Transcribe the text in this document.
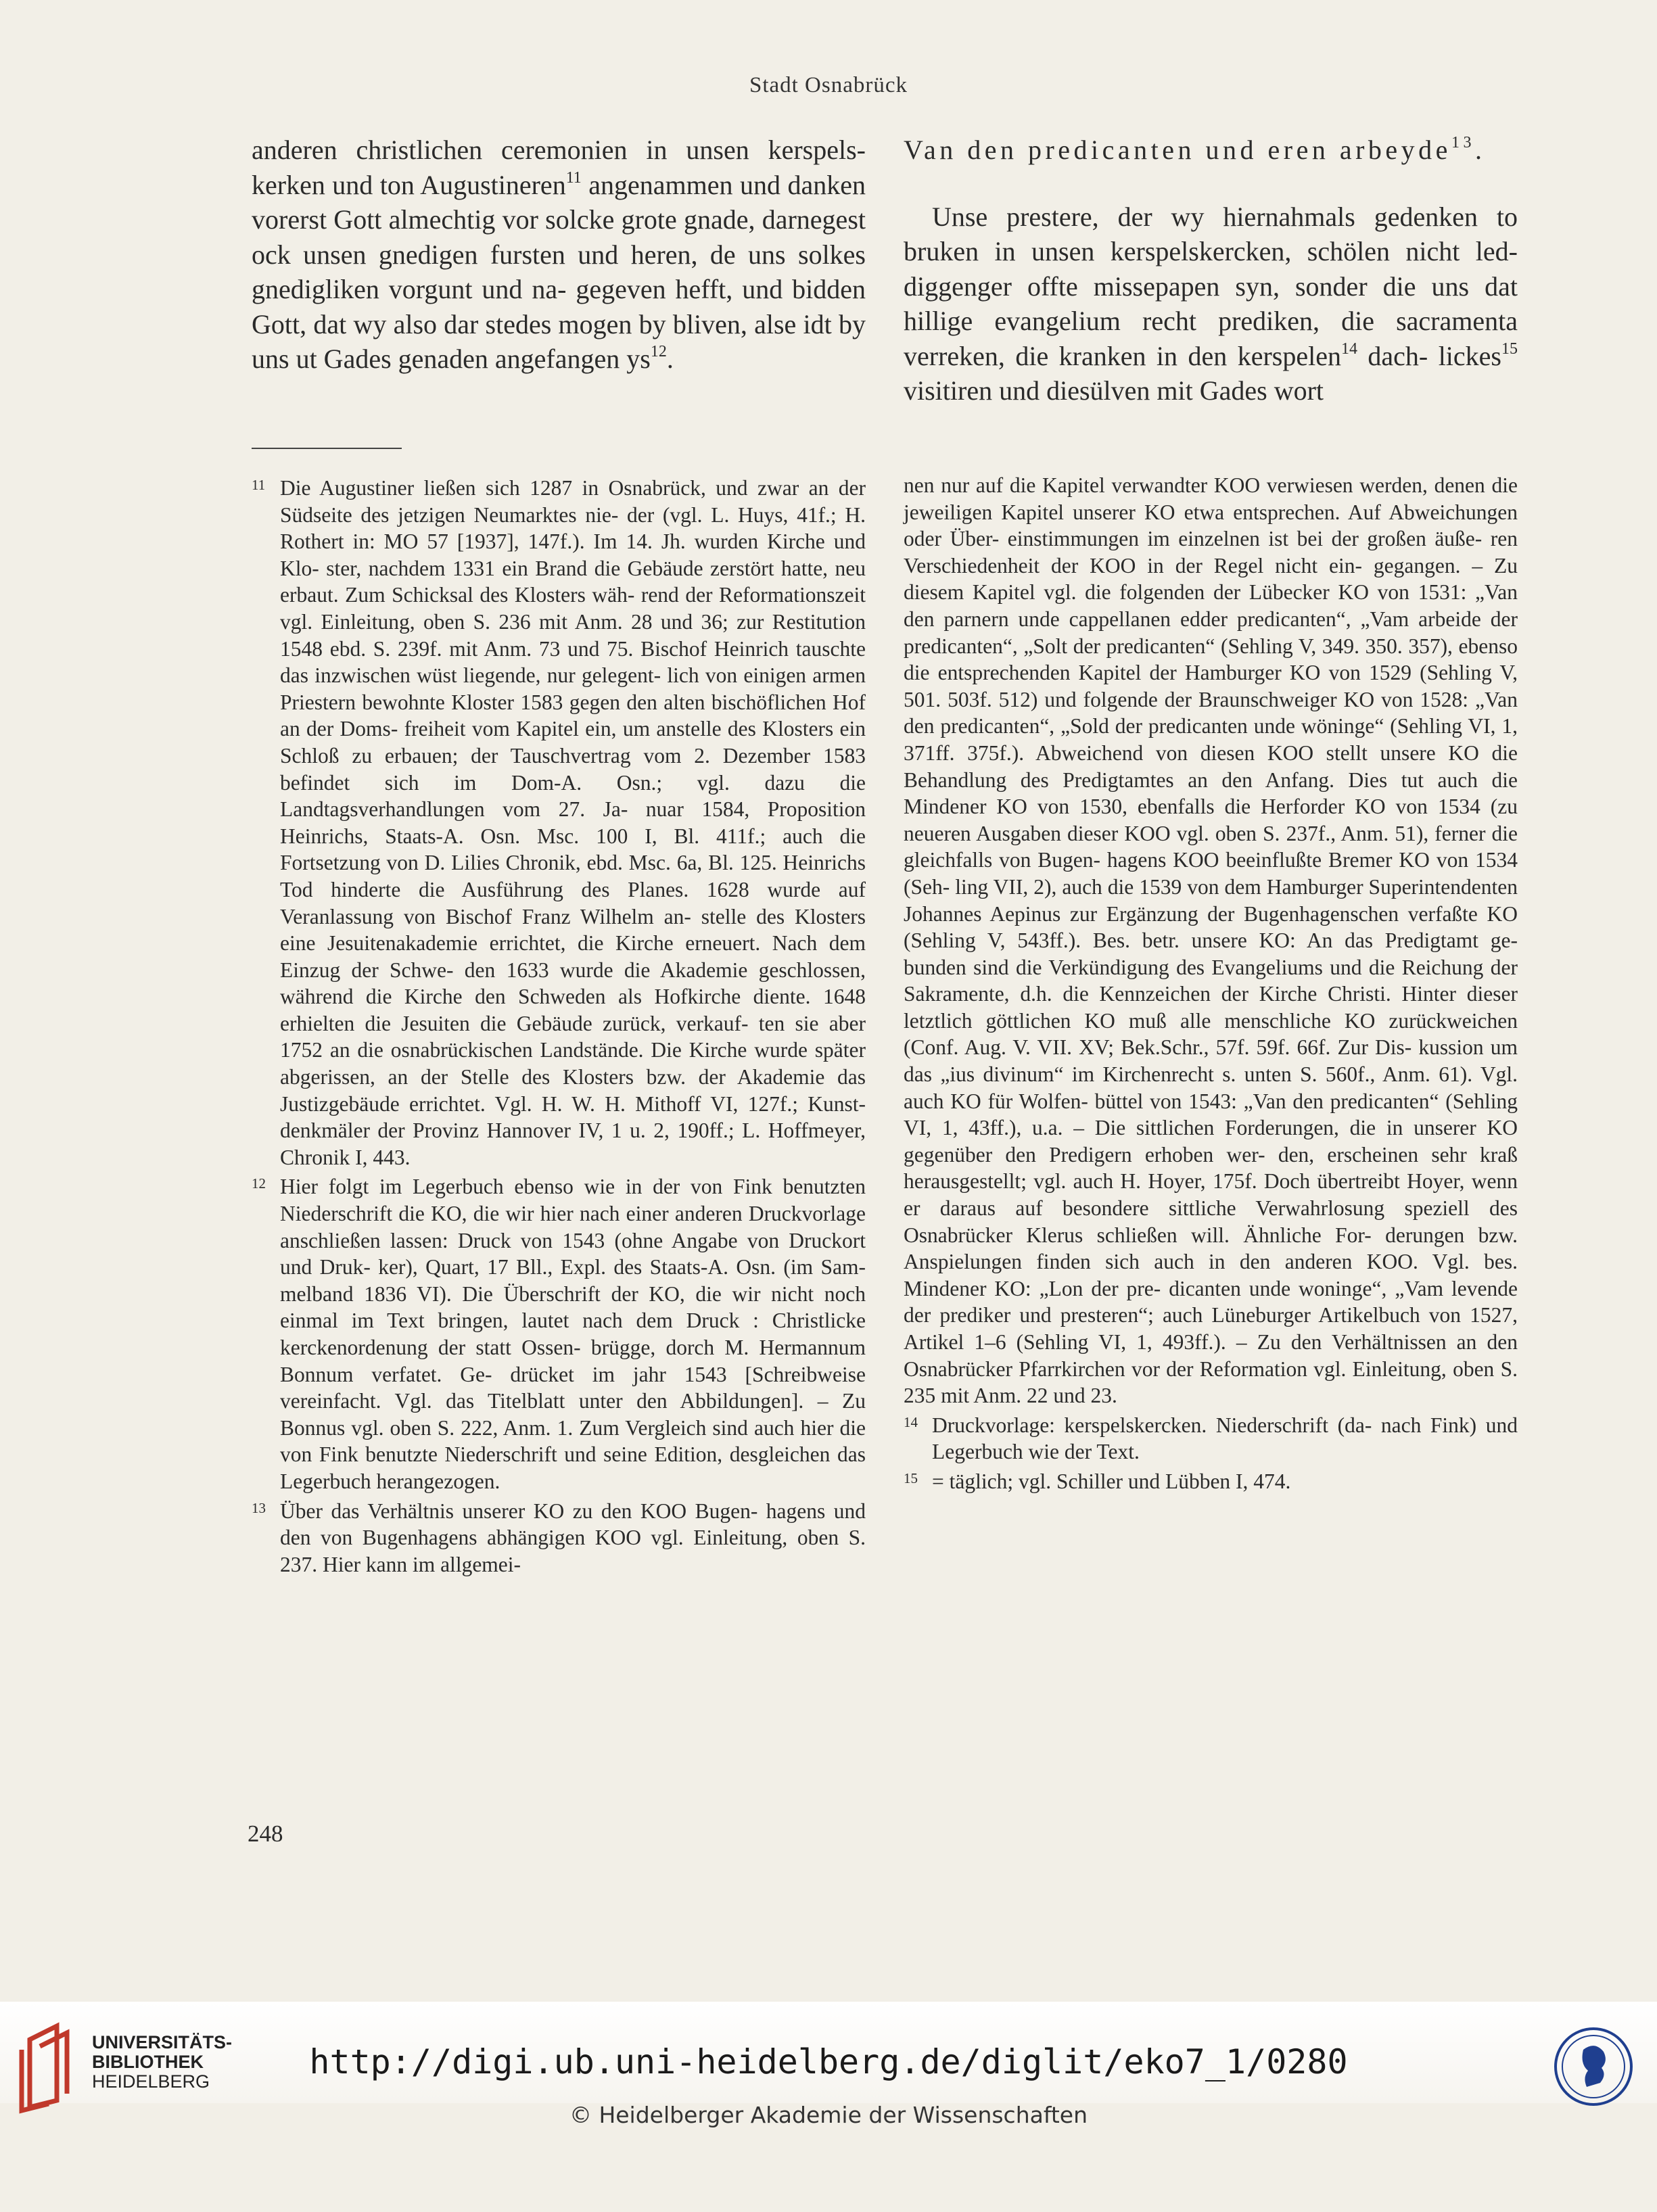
Stadt Osnabrück

anderen christlichen ceremonien in unsen kerspels- kerken und ton Augustineren$^{11}$ angenammen und danken vorerst Gott almechtig vor solcke grote gnade, darnegest ock unsen gnedigen fursten und heren, de uns solkes gnedigliken vorgunt und na- gegeven hefft, und bidden Gott, dat wy also dar stedes mogen by bliven, alse idt by uns ut Gades genaden angefangen $ys^{12}$.

Van den predicanten und eren arbeyde$^{13}$.

Unse prestere, der wy hiernahmals gedenken to bruken in unsen kerspelskercken, schölen nicht led- diggenger offte missepapen syn, sonder die uns dat hillige evangelium recht prediken, die sacramenta verreken, die kranken in den kerspelen$^{14}$ dach- lickes$^{15}$ visitiren und diesülven mit Gades wort

11 Die Augustiner ließen sich 1287 in Osnabrück, und zwar an der Südseite des jetzigen Neumarktes nie- der (vgl. L. Huys, 41f.; H. Rothert in: MO 57 [1937], 147f.). Im 14. Jh. wurden Kirche und Klo- ster, nachdem 1331 ein Brand die Gebäude zerstört hatte, neu erbaut. Zum Schicksal des Klosters wäh- rend der Reformationszeit vgl. Einleitung, oben S. 236 mit Anm. 28 und 36; zur Restitution 1548 ebd. S. 239f. mit Anm. 73 und 75. Bischof Heinrich tauschte das inzwischen wüst liegende, nur gelegent- lich von einigen armen Priestern bewohnte Kloster 1583 gegen den alten bischöflichen Hof an der Doms- freiheit vom Kapitel ein, um anstelle des Klosters ein Schloß zu erbauen; der Tauschvertrag vom 2. Dezember 1583 befindet sich im Dom-A. Osn.; vgl. dazu die Landtagsverhandlungen vom 27. Ja- nuar 1584, Proposition Heinrichs, Staats-A. Osn. Msc. 100 I, Bl. 411f.; auch die Fortsetzung von D. Lilies Chronik, ebd. Msc. 6a, Bl. 125. Heinrichs Tod hinderte die Ausführung des Planes. 1628 wurde auf Veranlassung von Bischof Franz Wilhelm an- stelle des Klosters eine Jesuitenakademie errichtet, die Kirche erneuert. Nach dem Einzug der Schwe- den 1633 wurde die Akademie geschlossen, während die Kirche den Schweden als Hofkirche diente. 1648 erhielten die Jesuiten die Gebäude zurück, verkauf- ten sie aber 1752 an die osnabrückischen Landstände. Die Kirche wurde später abgerissen, an der Stelle des Klosters bzw. der Akademie das Justizgebäude errichtet. Vgl. H. W. H. Mithoff VI, 127f.; Kunst- denkmäler der Provinz Hannover IV, 1 u. 2, 190ff.; L. Hoffmeyer, Chronik I, 443.

12 Hier folgt im Legerbuch ebenso wie in der von Fink benutzten Niederschrift die KO, die wir hier nach einer anderen Druckvorlage anschließen lassen: Druck von 1543 (ohne Angabe von Druckort und Druk- ker), Quart, 17 Bll., Expl. des Staats-A. Osn. (im Sam- melband 1836 VI). Die Überschrift der KO, die wir nicht noch einmal im Text bringen, lautet nach dem Druck : Christlicke kerckenordenung der statt Ossen- brügge, dorch M. Hermannum Bonnum verfatet. Ge- drücket im jahr 1543 [Schreibweise vereinfacht. Vgl. das Titelblatt unter den Abbildungen]. – Zu Bonnus vgl. oben S. 222, Anm. 1. Zum Vergleich sind auch hier die von Fink benutzte Niederschrift und seine Edition, desgleichen das Legerbuch herangezogen.

13 Über das Verhältnis unserer KO zu den KOO Bugen- hagens und den von Bugenhagens abhängigen KOO vgl. Einleitung, oben S. 237. Hier kann im allgemei-

nen nur auf die Kapitel verwandter KOO verwiesen werden, denen die jeweiligen Kapitel unserer KO etwa entsprechen. Auf Abweichungen oder Über- einstimmungen im einzelnen ist bei der großen äuße- ren Verschiedenheit der KOO in der Regel nicht ein- gegangen. – Zu diesem Kapitel vgl. die folgenden der Lübecker KO von 1531: „Van den parnern unde cappellanen edder predicanten“, „Vam arbeide der predicanten“, „Solt der predicanten“ (Sehling V, 349. 350. 357), ebenso die entsprechenden Kapitel der Hamburger KO von 1529 (Sehling V, 501. 503f. 512) und folgende der Braunschweiger KO von 1528: „Van den predicanten“, „Sold der predicanten unde wöninge“ (Sehling VI, 1, 371ff. 375f.). Abweichend von diesen KOO stellt unsere KO die Behandlung des Predigtamtes an den Anfang. Dies tut auch die Mindener KO von 1530, ebenfalls die Herforder KO von 1534 (zu neueren Ausgaben dieser KOO vgl. oben S. 237f., Anm. 51), ferner die gleichfalls von Bugen- hagens KOO beeinflußte Bremer KO von 1534 (Seh- ling VII, 2), auch die 1539 von dem Hamburger Superintendenten Johannes Aepinus zur Ergänzung der Bugenhagenschen verfaßte KO (Sehling V, 543ff.). Bes. betr. unsere KO: An das Predigtamt ge- bunden sind die Verkündigung des Evangeliums und die Reichung der Sakramente, d.h. die Kennzeichen der Kirche Christi. Hinter dieser letztlich göttlichen KO muß alle menschliche KO zurückweichen (Conf. Aug. V. VII. XV; Bek.Schr., 57f. 59f. 66f. Zur Dis- kussion um das „ius divinum“ im Kirchenrecht s. unten S. 560f., Anm. 61). Vgl. auch KO für Wolfen- büttel von 1543: „Van den predicanten“ (Sehling VI, 1, 43ff.), u.a. – Die sittlichen Forderungen, die in unserer KO gegenüber den Predigern erhoben wer- den, erscheinen sehr kraß herausgestellt; vgl. auch H. Hoyer, 175f. Doch übertreibt Hoyer, wenn er daraus auf besondere sittliche Verwahrlosung speziell des Osnabrücker Klerus schließen will. Ähnliche For- derungen bzw. Anspielungen finden sich auch in den anderen KOO. Vgl. bes. Mindener KO: „Lon der pre- dicanten unde woninge“, „Vam levende der prediker und presteren“; auch Lüneburger Artikelbuch von 1527, Artikel 1–6 (Sehling VI, 1, 493ff.). – Zu den Verhältnissen an den Osnabrücker Pfarrkirchen vor der Reformation vgl. Einleitung, oben S. 235 mit Anm. 22 und 23.

14 Druckvorlage: kerspelskercken. Niederschrift (da- nach Fink) und Legerbuch wie der Text.

15 = täglich; vgl. Schiller und Lübben I, 474.

248
UNIVERSITÄTS-
BIBLIOTHEK
HEIDELBERG	http://digi.ub.uni-heidelberg.de/diglit/eko7_1/0280
© Heidelberger Akademie der Wissenschaften
